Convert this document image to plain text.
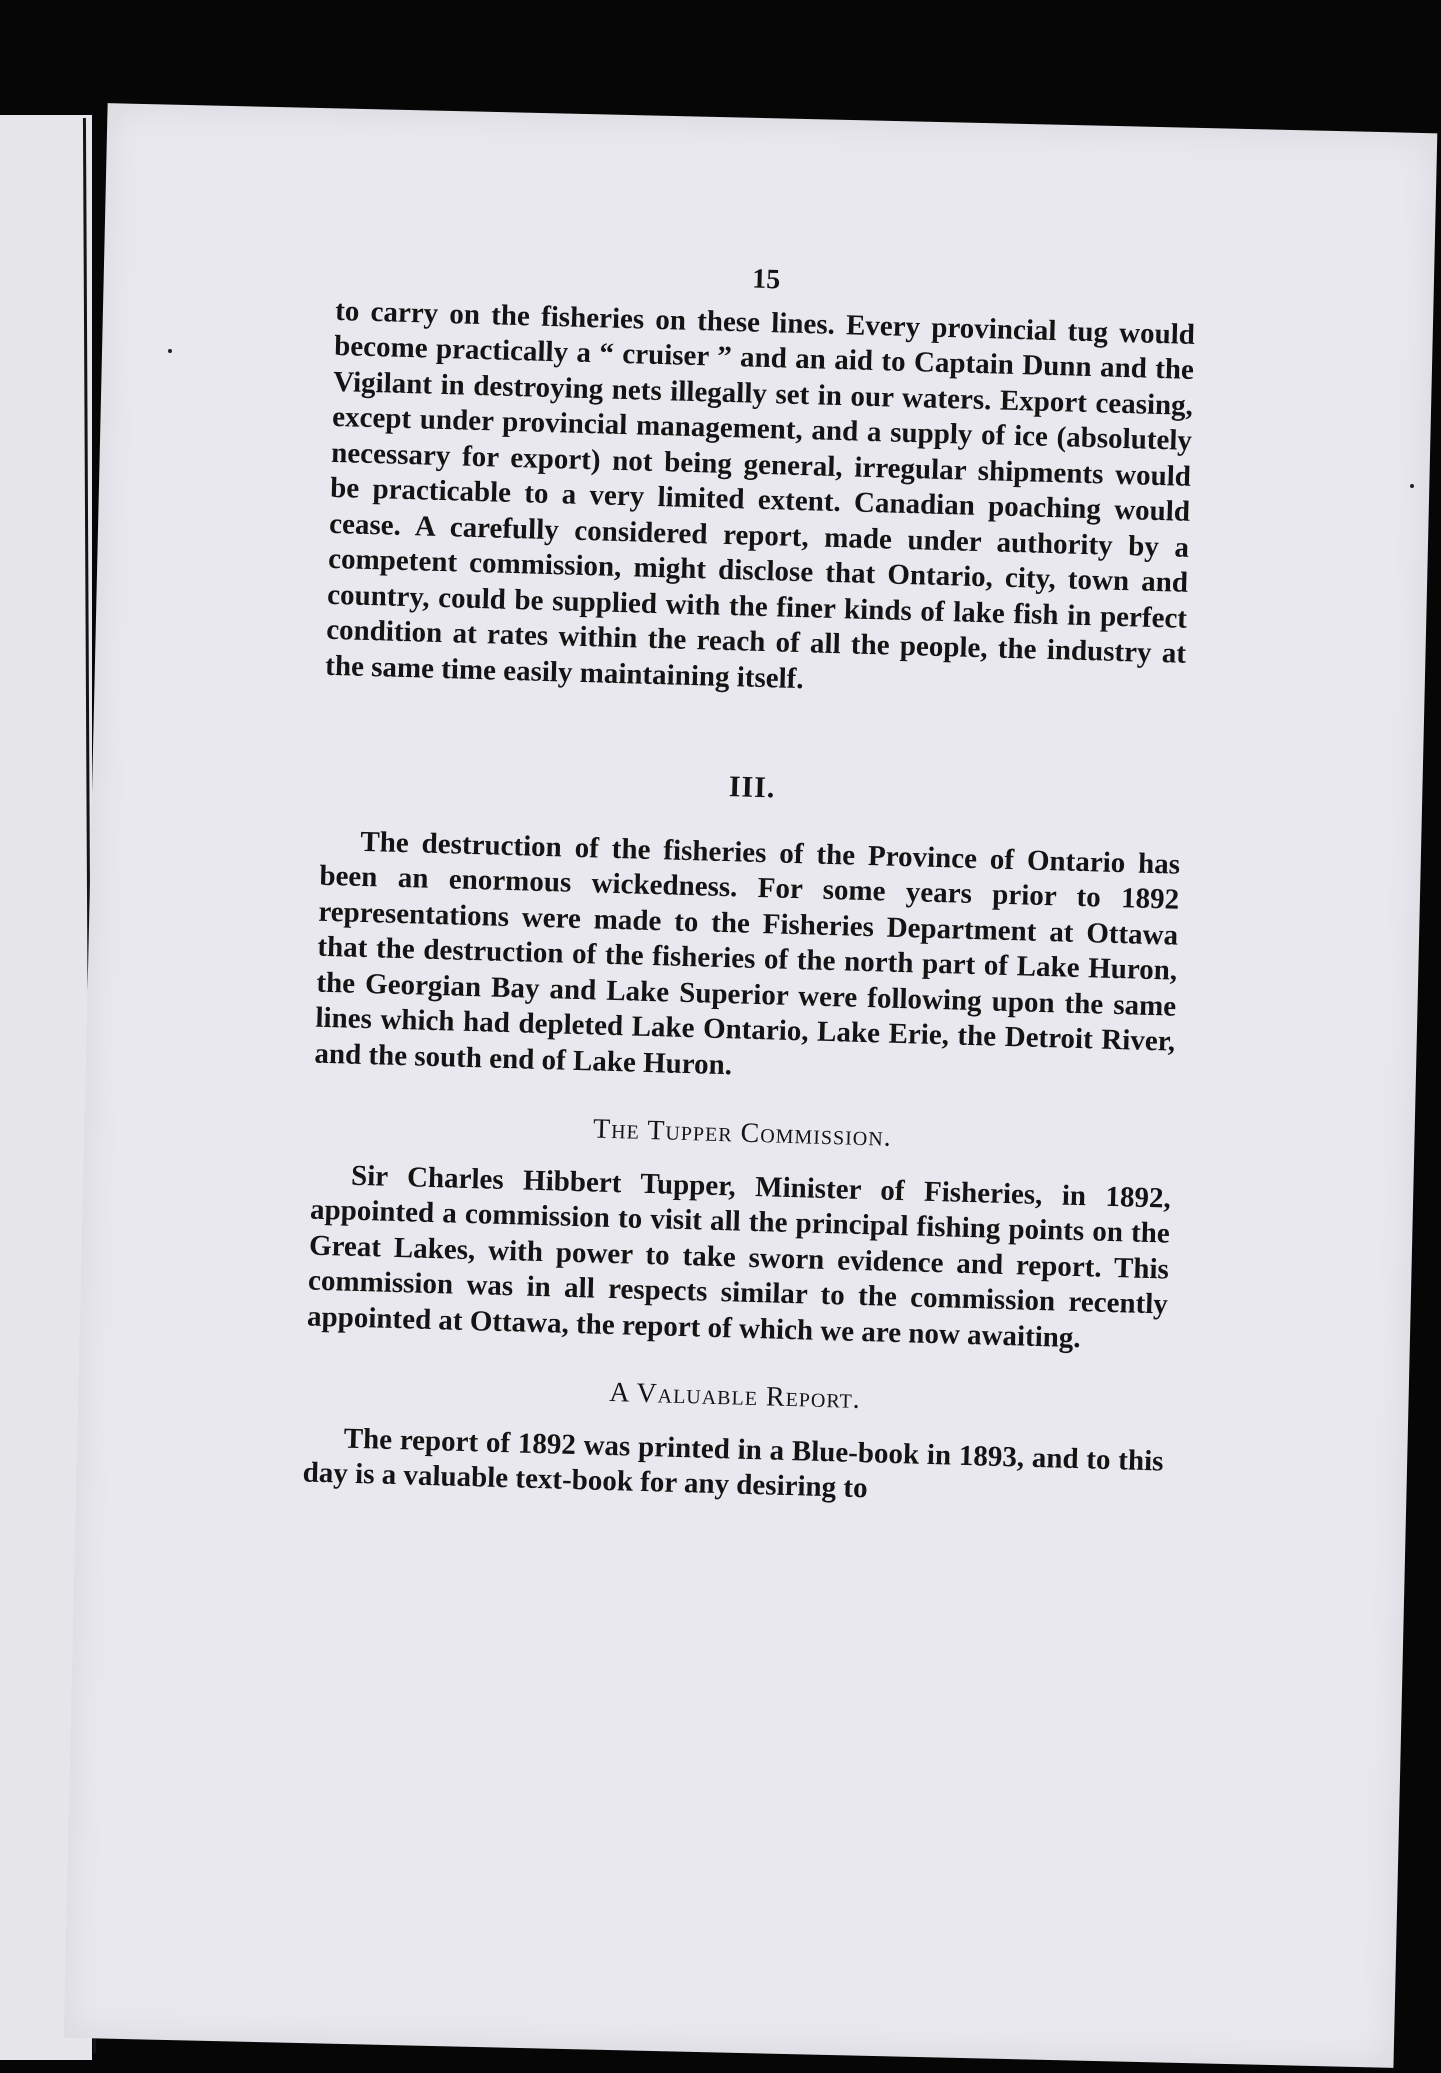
15

to carry on the fisheries on these lines. Every provincial tug would become practically a “ cruiser ” and an aid to Captain Dunn and the Vigilant in destroying nets illegally set in our waters. Export ceasing, except under provincial management, and a supply of ice (absolutely necessary for export) not being general, irregular shipments would be practicable to a very limited extent. Canadian poaching would cease. A carefully considered report, made under authority by a competent commission, might disclose that Ontario, city, town and country, could be supplied with the finer kinds of lake fish in perfect condition at rates within the reach of all the people, the industry at the same time easily maintaining itself.

III.

The destruction of the fisheries of the Province of Ontario has been an enormous wickedness. For some years prior to 1892 representations were made to the Fisheries Department at Ottawa that the destruction of the fisheries of the north part of Lake Huron, the Georgian Bay and Lake Superior were following upon the same lines which had depleted Lake Ontario, Lake Erie, the Detroit River, and the south end of Lake Huron.

The Tupper Commission.

Sir Charles Hibbert Tupper, Minister of Fisheries, in 1892, appointed a commission to visit all the principal fishing points on the Great Lakes, with power to take sworn evidence and report. This commission was in all respects similar to the commission recently appointed at Ottawa, the report of which we are now awaiting.

A Valuable Report.

The report of 1892 was printed in a Blue-book in 1893, and to this day is a valuable text-book for any desiring to
